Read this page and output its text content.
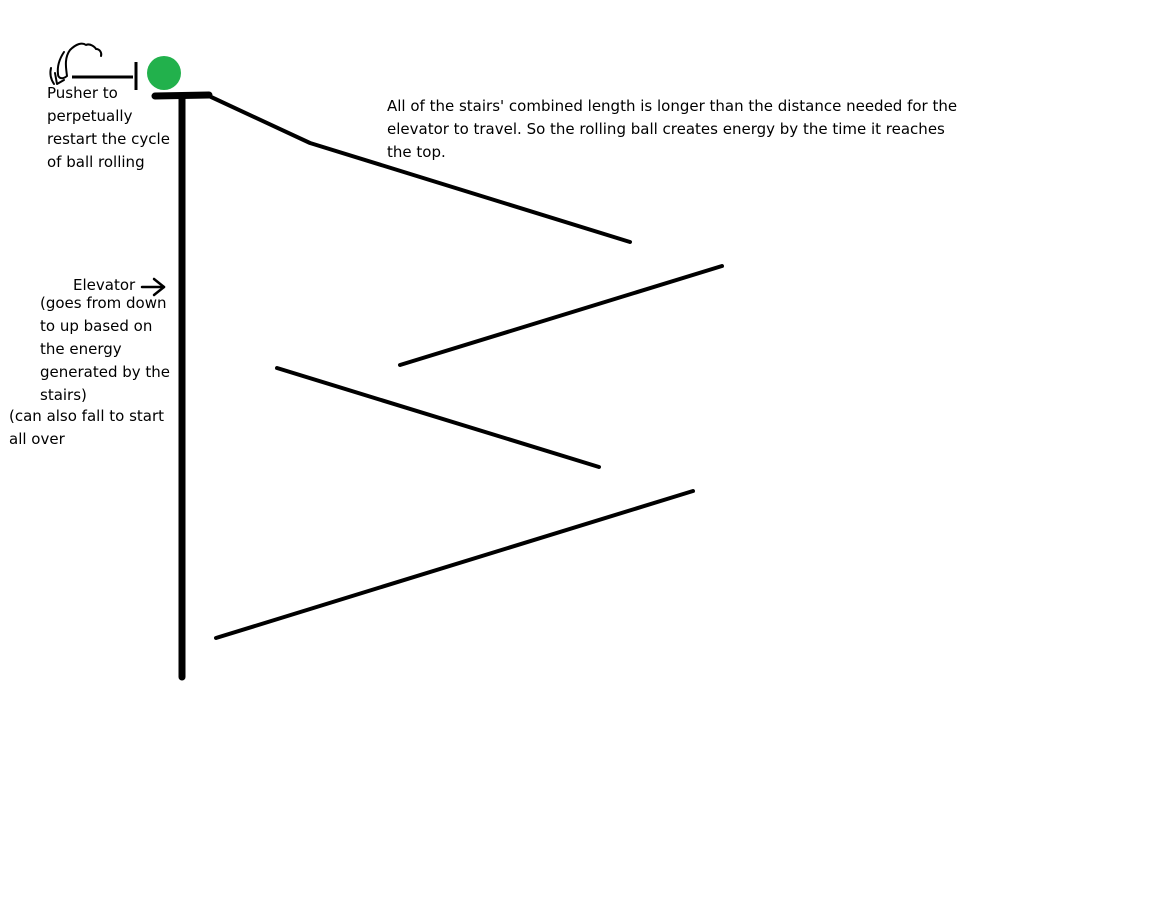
Pusher to
perpetually
restart the cycle
of ball rolling

Elevator

(goes from down
to up based on
the energy
generated by the
stairs)

(can also fall to start
all over

All of the stairs' combined length is longer than the distance needed for the
elevator to travel. So the rolling ball creates energy by the time it reaches
the top.
